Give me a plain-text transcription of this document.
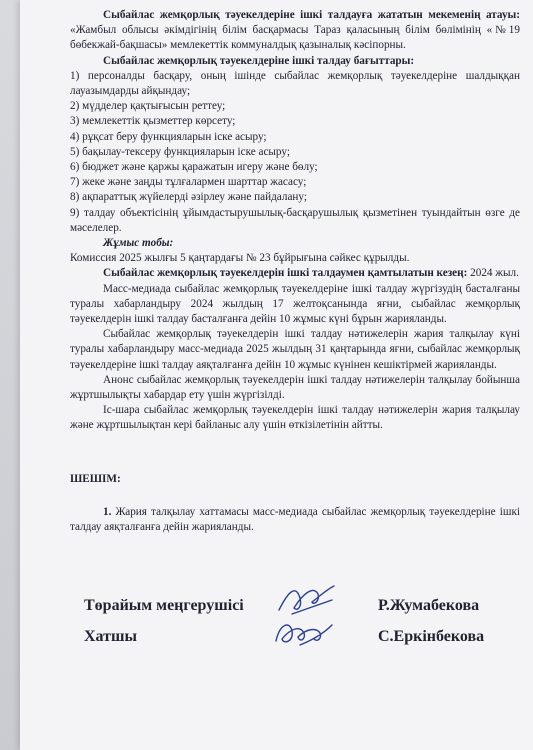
Сыбайлас жемқорлық тәуекелдеріне ішкі талдауға жататын мекеменің атауы: «Жамбыл облысы әкімдігінің білім басқармасы Тараз қаласының білім бөлімінің «№19 бөбекжай-бақшасы» мемлекеттік коммуналдық қазыналық кәсіпорны.

Сыбайлас жемқорлық тәуекелдеріне ішкі талдау бағыттары:

1) персоналды басқару, оның ішінде сыбайлас жемқорлық тәуекелдеріне шалдыққан лауазымдарды айқындау;

2) мүдделер қақтығысын реттеу;

3) мемлекеттік қызметтер көрсету;

4) рұқсат беру функцияларын іске асыру;

5) бақылау-тексеру функцияларын іске асыру;

6) бюджет және қаржы қаражатын игеру және бөлу;

7) жеке және заңды тұлғалармен шарттар жасасу;

8) ақпараттық жүйелерді әзірлеу және пайдалану;

9) талдау объектісінің ұйымдастырушылық-басқарушылық қызметінен туындайтын өзге де мәселелер.

Жұмыс тобы:

Комиссия 2025 жылғы 5 қаңтардағы № 23 бұйрығына сәйкес құрылды.

Сыбайлас жемқорлық тәуекелдерін ішкі талдаумен қамтылатын кезең: 2024 жыл.

Масс-медиада сыбайлас жемқорлық тәуекелдеріне ішкі талдау жүргізудің басталғаны туралы хабарландыру 2024 жылдың 17 желтоқсанында яғни, сыбайлас жемқорлық тәуекелдерін ішкі талдау басталғанға дейін 10 жұмыс күні бұрын жарияланды.

Сыбайлас жемқорлық тәуекелдерін ішкі талдау нәтижелерін жария талқылау күні туралы хабарландыру масс-медиада 2025 жылдың 31 қаңтарында яғни, сыбайлас жемқорлық тәуекелдеріне ішкі талдау аяқталғанға дейін 10 жұмыс күнінен кешіктірмей жарияланды.

Анонс сыбайлас жемқорлық тәуекелдерін ішкі талдау нәтижелерін талқылау бойынша жұртшылықты хабардар ету үшін жүргізілді.

Іс-шара сыбайлас жемқорлық тәуекелдерін ішкі талдау нәтижелерін жария талқылау және жұртшылықтан кері байланыс алу үшін өткізілетінін айтты.

ШЕШІМ:

1. Жария талқылау хаттамасы масс-медиада сыбайлас жемқорлық тәуекелдеріне ішкі талдау аяқталғанға дейін жарияланды.

Төрайым меңгерушісі	Р.Жумабекова
Хатшы	С.Еркінбекова
